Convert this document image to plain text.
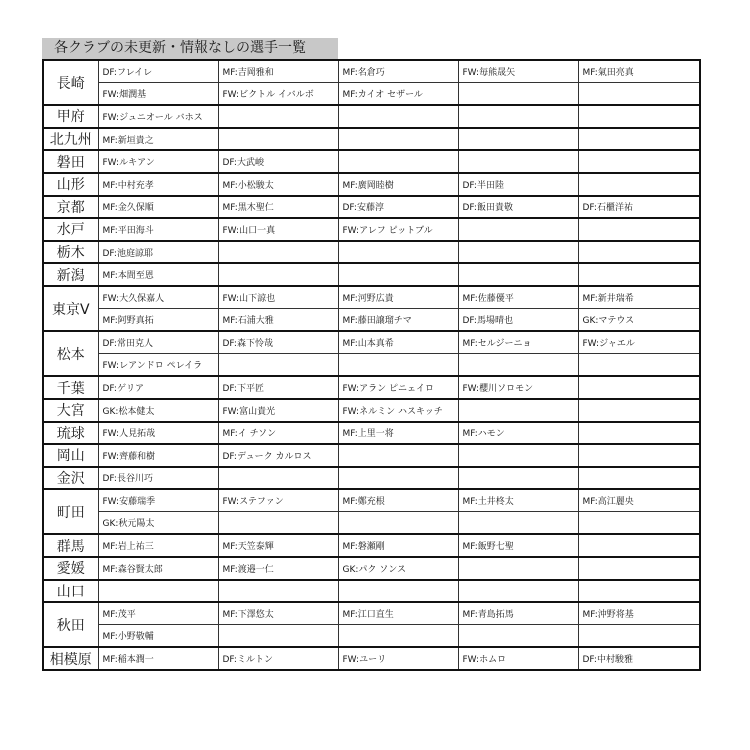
各クラブの未更新・情報なしの選手一覧
長崎	DF:フレイレ	MF:吉岡雅和	MF:名倉巧	FW:毎熊晟矢	MF:氣田亮真
	FW:畑潤基	FW:ビクトル イバルボ	MF:カイオ セザール		
甲府	FW:ジュニオール バホス				
北九州	MF:新垣貴之				
磐田	FW:ルキアン	DF:大武峻			
山形	MF:中村充孝	MF:小松駿太	MF:廣岡睦樹	DF:半田陸	
京都	MF:金久保順	MF:黒木聖仁	DF:安藤淳	DF:飯田貴敬	DF:石櫃洋祐
水戸	MF:平田海斗	FW:山口一真	FW:アレフ ピットブル		
栃木	DF:池庭諒耶				
新潟	MF:本間至恩				
東京V	FW:大久保嘉人	FW:山下諒也	MF:河野広貴	MF:佐藤優平	MF:新井瑞希
	MF:阿野真拓	MF:石浦大雅	MF:藤田譲瑠チマ	DF:馬場晴也	GK:マテウス
松本	DF:常田克人	DF:森下怜哉	MF:山本真希	MF:セルジーニョ	FW:ジャエル
	FW:レアンドロ ペレイラ				
千葉	DF:ゲリア	DF:下平匠	FW:アラン ピニェイロ	FW:櫻川ソロモン	
大宮	GK:松本健太	FW:富山貴光	FW:ネルミン ハスキッチ		
琉球	FW:人見拓哉	MF:イ チソン	MF:上里一将	MF:ハモン	
岡山	FW:齊藤和樹	DF:デューク カルロス			
金沢	DF:長谷川巧				
町田	FW:安藤瑞季	FW:ステファン	MF:鄭充根	MF:土井柊太	MF:高江麗央
	GK:秋元陽太				
群馬	MF:岩上祐三	MF:天笠泰輝	MF:磐瀬剛	MF:飯野七聖	
愛媛	MF:森谷賢太郎	MF:渡邉一仁	GK:パク ソンス		
山口					
秋田	MF:茂平	MF:下澤悠太	MF:江口直生	MF:青島拓馬	MF:沖野将基
	MF:小野敬輔				
相模原	MF:稲本潤一	DF:ミルトン	FW:ユーリ	FW:ホムロ	DF:中村駿雅
